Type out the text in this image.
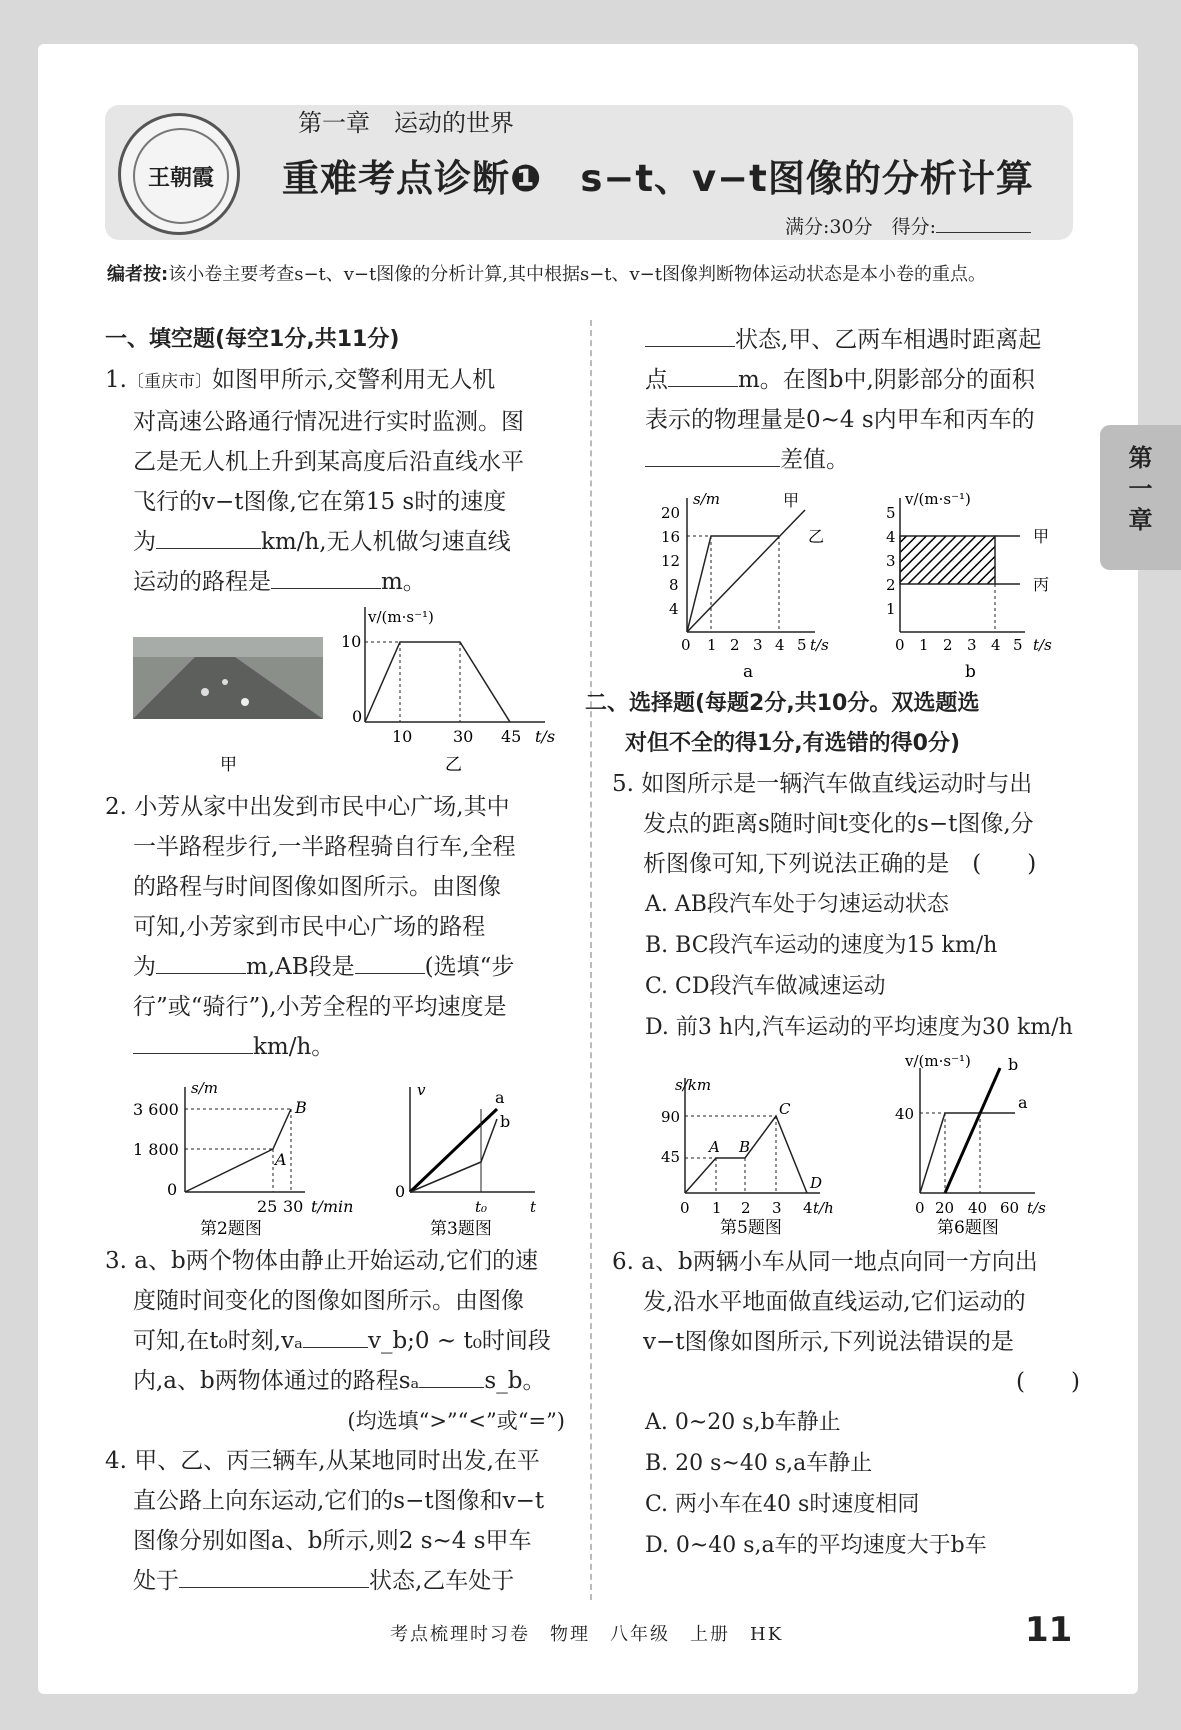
王朝霞
第一章　运动的世界
重难考点诊断❶　s−t、v−t图像的分析计算
满分:30分　得分:
编者按:该小卷主要考查s−t、v−t图像的分析计算,其中根据s−t、v−t图像判断物体运动状态是本小卷的重点。
第一章
一、填空题(每空1分,共11分)

1.〔重庆市〕如图甲所示,交警利用无人机

对高速公路通行情况进行实时监测。图

乙是无人机上升到某高度后沿直线水平

飞行的v−t图像,它在第15 s时的速度

为	km/h,无人机做匀速直线

运动的路程是	m。

v/(m·s⁻¹)
10
0
10	30 45 t/s
甲	乙

2. 小芳从家中出发到市民中心广场,其中

一半路程步行,一半路程骑自行车,全程

的路程与时间图像如图所示。由图像

可知,小芳家到市民中心广场的路程

为	m,AB段是	(选填“步

行”或“骑行”),小芳全程的平均速度是

km/h。

s/m
3 600
1 800
0
25 30 t/min
A
B
第2题图
v
0
t₀	t
a
b
第3题图

3. a、b两个物体由静止开始运动,它们的速

度随时间变化的图像如图所示。由图像

可知,在t₀时刻,vₐ	v_b;0 ~ t₀时间段

内,a、b两物体通过的路程sₐ	s_b。

(均选填“>”“<”或“=”)

4. 甲、乙、丙三辆车,从某地同时出发,在平

直公路上向东运动,它们的s−t图像和v−t

图像分别如图a、b所示,则2 s~4 s甲车

处于	状态,乙车处于

状态,甲、乙两车相遇时距离起

点	m。在图b中,阴影部分的面积

表示的物理量是0~4 s内甲车和丙车的

差值。

s/m
20
16
12
8
4
0 1 2 3 4 5 t/s
甲
乙
a
v/(m·s⁻¹)
5
4
3
2
1
0 1 2 3 4 5 t/s
甲
丙
b
二、选择题(每题2分,共10分。双选题选
对但不全的得1分,有选错的得0分)

5. 如图所示是一辆汽车做直线运动时与出

发点的距离s随时间t变化的s−t图像,分

析图像可知,下列说法正确的是　(　　)

A. AB段汽车处于匀速运动状态
B. BC段汽车运动的速度为15 km/h
C. CD段汽车做减速运动
D. 前3 h内,汽车运动的平均速度为30 km/h
s/km
90
45
0 1 2 3 4 t/h
A B
C
D
第5题图
v/(m·s⁻¹)
40
0 20 40 60 t/s
b
a
第6题图

6. a、b两辆小车从同一地点向同一方向出

发,沿水平地面做直线运动,它们运动的

v−t图像如图所示,下列说法错误的是

(　　)

A. 0~20 s,b车静止
B. 20 s~40 s,a车静止
C. 两小车在40 s时速度相同
D. 0~40 s,a车的平均速度大于b车
考点梳理时习卷　物理　八年级　上册　HK	11
